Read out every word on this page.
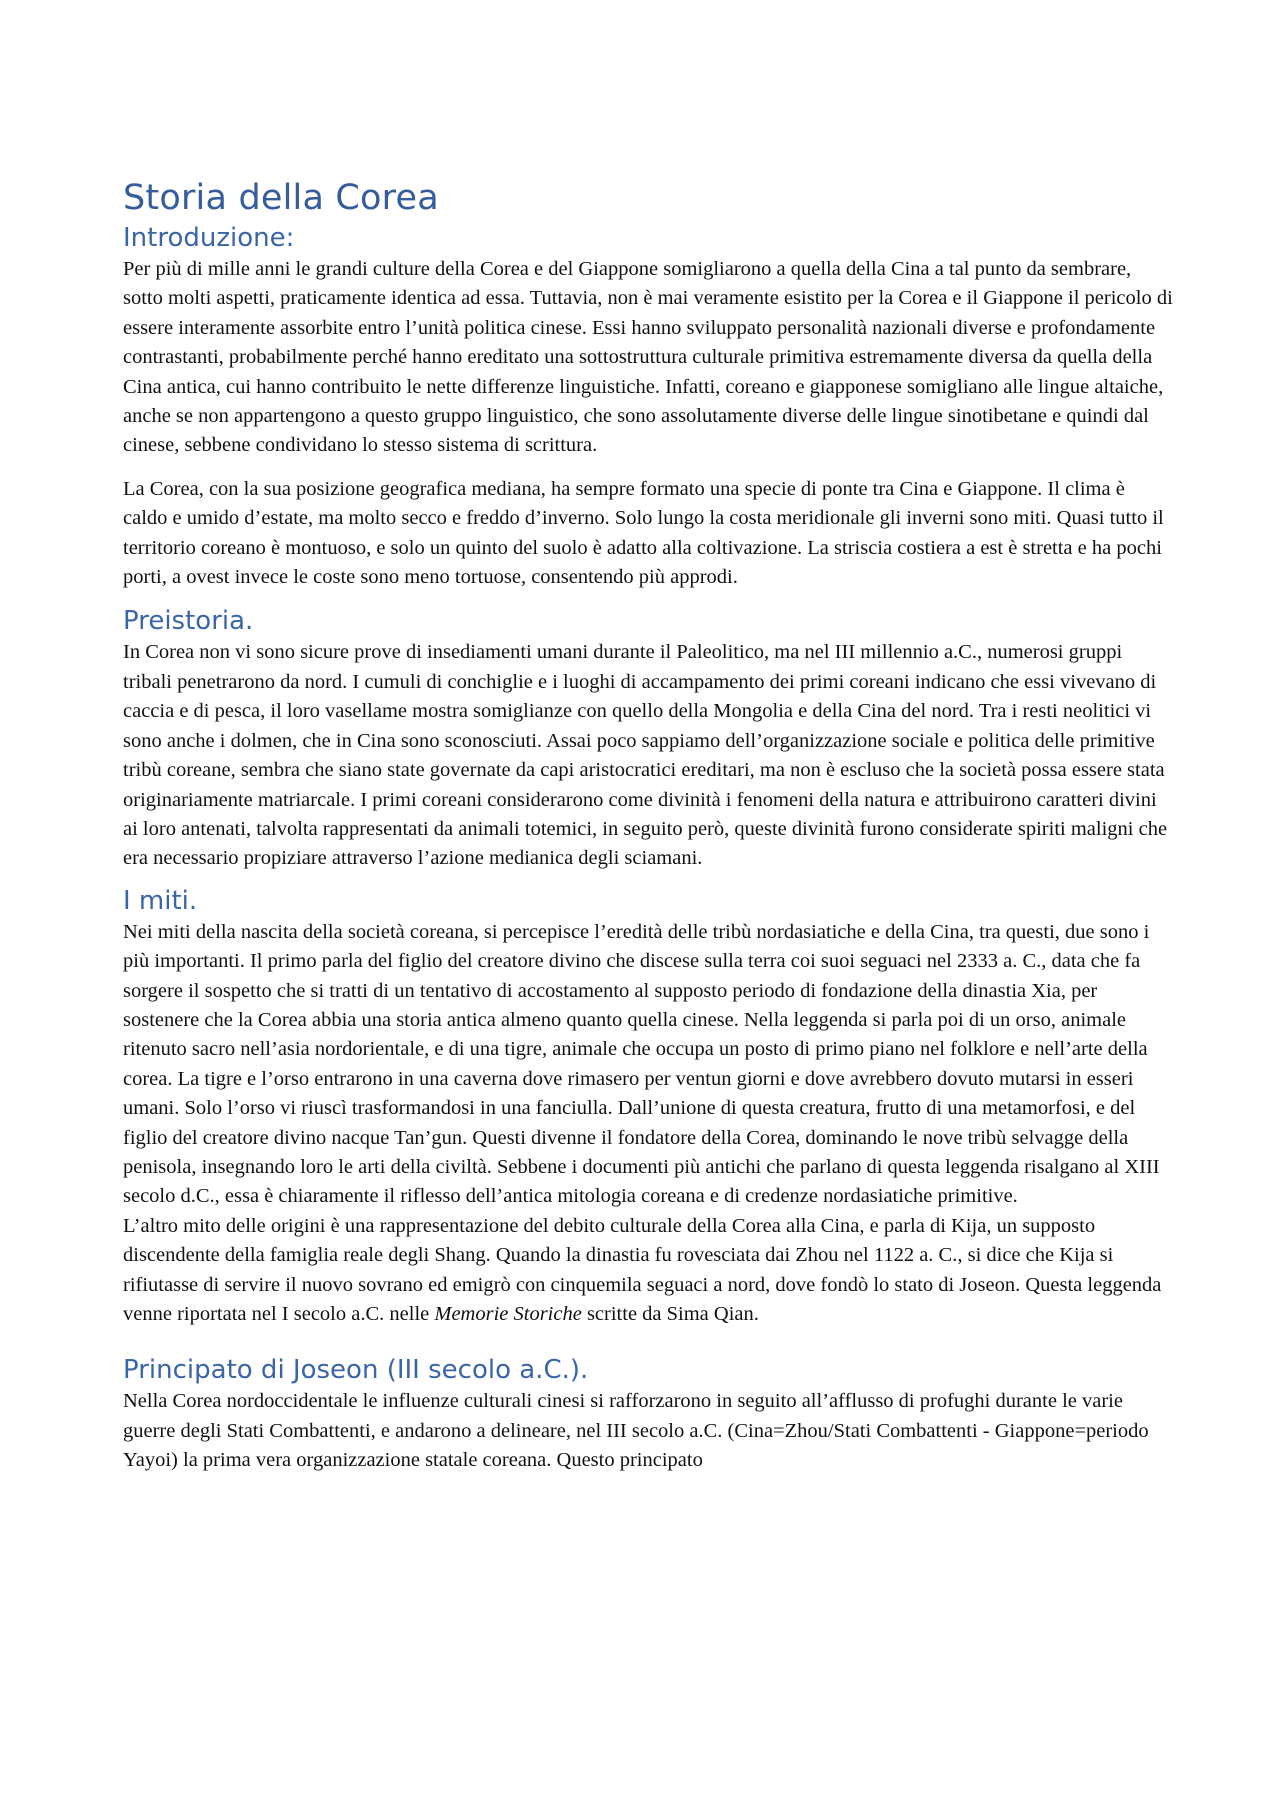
Storia della Corea
Introduzione:

Per più di mille anni le grandi culture della Corea e del Giappone somigliarono a quella della Cina a tal punto da sembrare, sotto molti aspetti, praticamente identica ad essa. Tuttavia, non è mai veramente esistito per la Corea e il Giappone il pericolo di essere interamente assorbite entro l’unità politica cinese. Essi hanno sviluppato personalità nazionali diverse e profondamente contrastanti, probabilmente perché hanno ereditato una sottostruttura culturale primitiva estremamente diversa da quella della Cina antica, cui hanno contribuito le nette differenze linguistiche. Infatti, coreano e giapponese somigliano alle lingue altaiche, anche se non appartengono a questo gruppo linguistico, che sono assolutamente diverse delle lingue sinotibetane e quindi dal cinese, sebbene condividano lo stesso sistema di scrittura.

La Corea, con la sua posizione geografica mediana, ha sempre formato una specie di ponte tra Cina e Giappone. Il clima è caldo e umido d’estate, ma molto secco e freddo d’inverno. Solo lungo la costa meridionale gli inverni sono miti. Quasi tutto il territorio coreano è montuoso, e solo un quinto del suolo è adatto alla coltivazione. La striscia costiera a est è stretta e ha pochi porti, a ovest invece le coste sono meno tortuose, consentendo più approdi.

Preistoria.

In Corea non vi sono sicure prove di insediamenti umani durante il Paleolitico, ma nel III millennio a.C., numerosi gruppi tribali penetrarono da nord. I cumuli di conchiglie e i luoghi di accampamento dei primi coreani indicano che essi vivevano di caccia e di pesca, il loro vasellame mostra somiglianze con quello della Mongolia e della Cina del nord. Tra i resti neolitici vi sono anche i dolmen, che in Cina sono sconosciuti. Assai poco sappiamo dell’organizzazione sociale e politica delle primitive tribù coreane, sembra che siano state governate da capi aristocratici ereditari, ma non è escluso che la società possa essere stata originariamente matriarcale. I primi coreani considerarono come divinità i fenomeni della natura e attribuirono caratteri divini ai loro antenati, talvolta rappresentati da animali totemici, in seguito però, queste divinità furono considerate spiriti maligni che era necessario propiziare attraverso l’azione medianica degli sciamani.

I miti.

Nei miti della nascita della società coreana, si percepisce l’eredità delle tribù nordasiatiche e della Cina, tra questi, due sono i più importanti. Il primo parla del figlio del creatore divino che discese sulla terra coi suoi seguaci nel 2333 a. C., data che fa sorgere il sospetto che si tratti di un tentativo di accostamento al supposto periodo di fondazione della dinastia Xia, per sostenere che la Corea abbia una storia antica almeno quanto quella cinese. Nella leggenda si parla poi di un orso, animale ritenuto sacro nell’asia nordorientale, e di una tigre, animale che occupa un posto di primo piano nel folklore e nell’arte della corea. La tigre e l’orso entrarono in una caverna dove rimasero per ventun giorni e dove avrebbero dovuto mutarsi in esseri umani. Solo l’orso vi riuscì trasformandosi in una fanciulla. Dall’unione di questa creatura, frutto di una metamorfosi, e del figlio del creatore divino nacque Tan’gun. Questi divenne il fondatore della Corea, dominando le nove tribù selvagge della penisola, insegnando loro le arti della civiltà. Sebbene i documenti più antichi che parlano di questa leggenda risalgano al XIII secolo d.C., essa è chiaramente il riflesso dell’antica mitologia coreana e di credenze nordasiatiche primitive.

L’altro mito delle origini è una rappresentazione del debito culturale della Corea alla Cina, e parla di Kija, un supposto discendente della famiglia reale degli Shang. Quando la dinastia fu rovesciata dai Zhou nel 1122 a. C., si dice che Kija si rifiutasse di servire il nuovo sovrano ed emigrò con cinquemila seguaci a nord, dove fondò lo stato di Joseon. Questa leggenda venne riportata nel I secolo a.C. nelle Memorie Storiche scritte da Sima Qian.

Principato di Joseon (III secolo a.C.).

Nella Corea nordoccidentale le influenze culturali cinesi si rafforzarono in seguito all’afflusso di profughi durante le varie guerre degli Stati Combattenti, e andarono a delineare, nel III secolo a.C. (Cina=Zhou/Stati Combattenti - Giappone=periodo Yayoi) la prima vera organizzazione statale coreana. Questo principato
